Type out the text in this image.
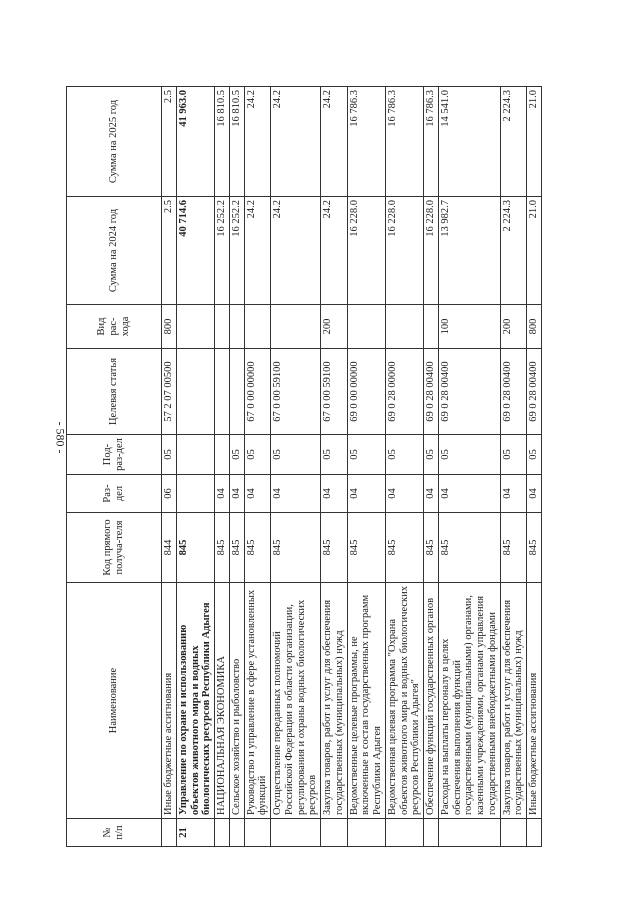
- 580 -
№ п/п	Наименование	Код прямого получа-теля	Раз-дел	Под-раз-дел	Целевая статья	Вид рас-хода	Сумма на 2024 год	Сумма на 2025 год
	Иные бюджетные ассигнования	844	06	05	57 2 07 00500	800	2.5	2.5
21	Управление по охране и использованию объектов животного мира и водных биологических ресурсов Республики Адыгея	845					40 714.6	41 963.0
	НАЦИОНАЛЬНАЯ ЭКОНОМИКА	845	04				16 252.2	16 810.5
	Сельское хозяйство и рыболовство	845	04	05			16 252.2	16 810.5
	Руководство и управление в сфере установленных функций	845	04	05	67 0 00 00000		24.2	24.2
	Осуществление переданных полномочий Российской Федерации в области организации, регулирования и охраны водных биологических ресурсов	845	04	05	67 0 00 59100		24.2	24.2
	Закупка товаров, работ и услуг для обеспечения государственных (муниципальных) нужд	845	04	05	67 0 00 59100	200	24.2	24.2
	Ведомственные целевые программы, не включенные в состав государственных программ Республики Адыгея	845	04	05	69 0 00 00000		16 228.0	16 786.3
	Ведомственная целевая программа "Охрана объектов животного мира и водных биологических ресурсов Республики Адыгея"	845	04	05	69 0 28 00000		16 228.0	16 786.3
	Обеспечение функций государственных органов	845	04	05	69 0 28 00400		16 228.0	16 786.3
	Расходы на выплаты персоналу в целях обеспечения выполнения функций государственными (муниципальными) органами, казенными учреждениями, органами управления государственными внебюджетными фондами	845	04	05	69 0 28 00400	100	13 982.7	14 541.0
	Закупка товаров, работ и услуг для обеспечения государственных (муниципальных) нужд	845	04	05	69 0 28 00400	200	2 224.3	2 224.3
	Иные бюджетные ассигнования	845	04	05	69 0 28 00400	800	21.0	21.0
